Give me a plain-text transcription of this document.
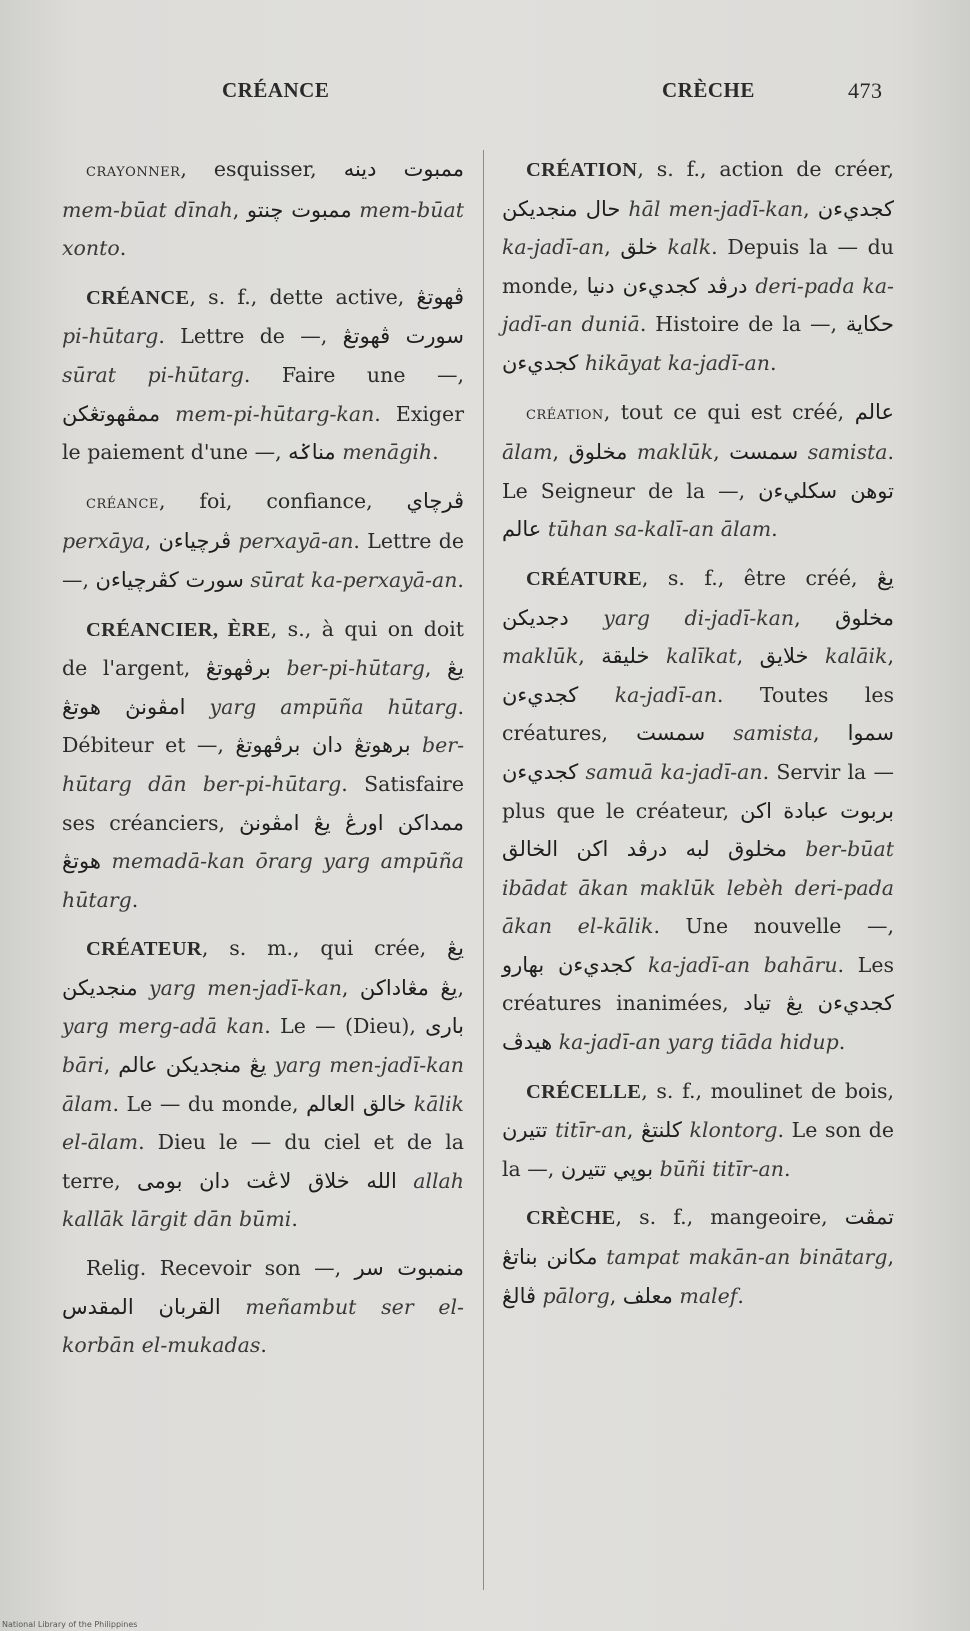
CRÉANCE	CRÈCHE	473
crayonner, esquisser, ممبوت دينه mem-būat dīnah, ممبوت چنتو mem-būat xonto.
CRÉANCE, s. f., dette active, ڤهوتڠ pi-hūtarg. Lettre de —, سورت ڤهوتڠ sūrat pi-hūtarg. Faire une —, ممڤهوتڠكن mem-pi-hūtarg-kan. Exiger le paiement d'une —, مناݢه menāgih.
créance, foi, confiance, ڤرچاي perxāya, ڤرچياءن perxayā-an. Lettre de —, سورت كڤرچياءن sūrat ka-perxayā-an.
CRÉANCIER, ÈRE, s., à qui on doit de l'argent, برڤهوتڠ ber-pi-hūtarg, يڠ امڤونڽ هوتڠ yarg ampūña hūtarg. Débiteur et —, برهوتڠ دان برڤهوتڠ ber-hūtarg dān ber-pi-hūtarg. Satisfaire ses créanciers, ممداكن اورڠ يڠ امڤونڽ هوتڠ memadā-kan ōrarg yarg ampūña hūtarg.
CRÉATEUR, s. m., qui crée, يڠ منجديكن yarg men-jadī-kan, يڠ مڠاداكن, yarg merg-adā kan. Le — (Dieu), بارى bāri, يڠ منجديكن عالم yarg men-jadī-kan ālam. Le — du monde, خالق العالم kālik el-ālam. Dieu le — du ciel et de la terre, الله خلاق لاڠت دان بومى allah kallāk lārgit dān būmi.
Relig. Recevoir son —, منمبوت سر القربان المقدس meñambut ser el-korbān el-mukadas.
CRÉATION, s. f., action de créer, حال منجديكن hāl men-jadī-kan, كجديءن ka-jadī-an, خلق kalk. Depuis la — du monde, درڤد كجديءن دنيا deri-pada ka-jadī-an duniā. Histoire de la —, حكاية كجديءن hikāyat ka-jadī-an.
création, tout ce qui est créé, عالم ālam, مخلوق maklūk, سمست samista. Le Seigneur de la —, توهن سكليءن عالم tūhan sa-kalī-an ālam.
CRÉATURE, s. f., être créé, يڠ دجديكن yarg di-jadī-kan, مخلوق maklūk, خليقة kalīkat, خلايق kalāik, كجديءن ka-jadī-an. Toutes les créatures, سمست samista, سموا كجديءن samuā ka-jadī-an. Servir la — plus que le créateur, بربوت عبادة اكن مخلوق لبه درڤد اكن الخالق ber-būat ibādat ākan maklūk lebèh deri-pada ākan el-kālik. Une nouvelle —, كجديءن بهارو ka-jadī-an bahāru. Les créatures inanimées, كجديءن يڠ تياد هيدڤ ka-jadī-an yarg tiāda hidup.
CRÉCELLE, s. f., moulinet de bois, تتيرن titīr-an, كلنتڠ klontorg. Le son de la —, بوڽي تتيرن būñi titīr-an.
CRÈCHE, s. f., mangeoire, تمڤت مكانن بناتڠ tampat makān-an binātarg, ڤالڠ pālorg, معلف malef.
National Library of the Philippines
